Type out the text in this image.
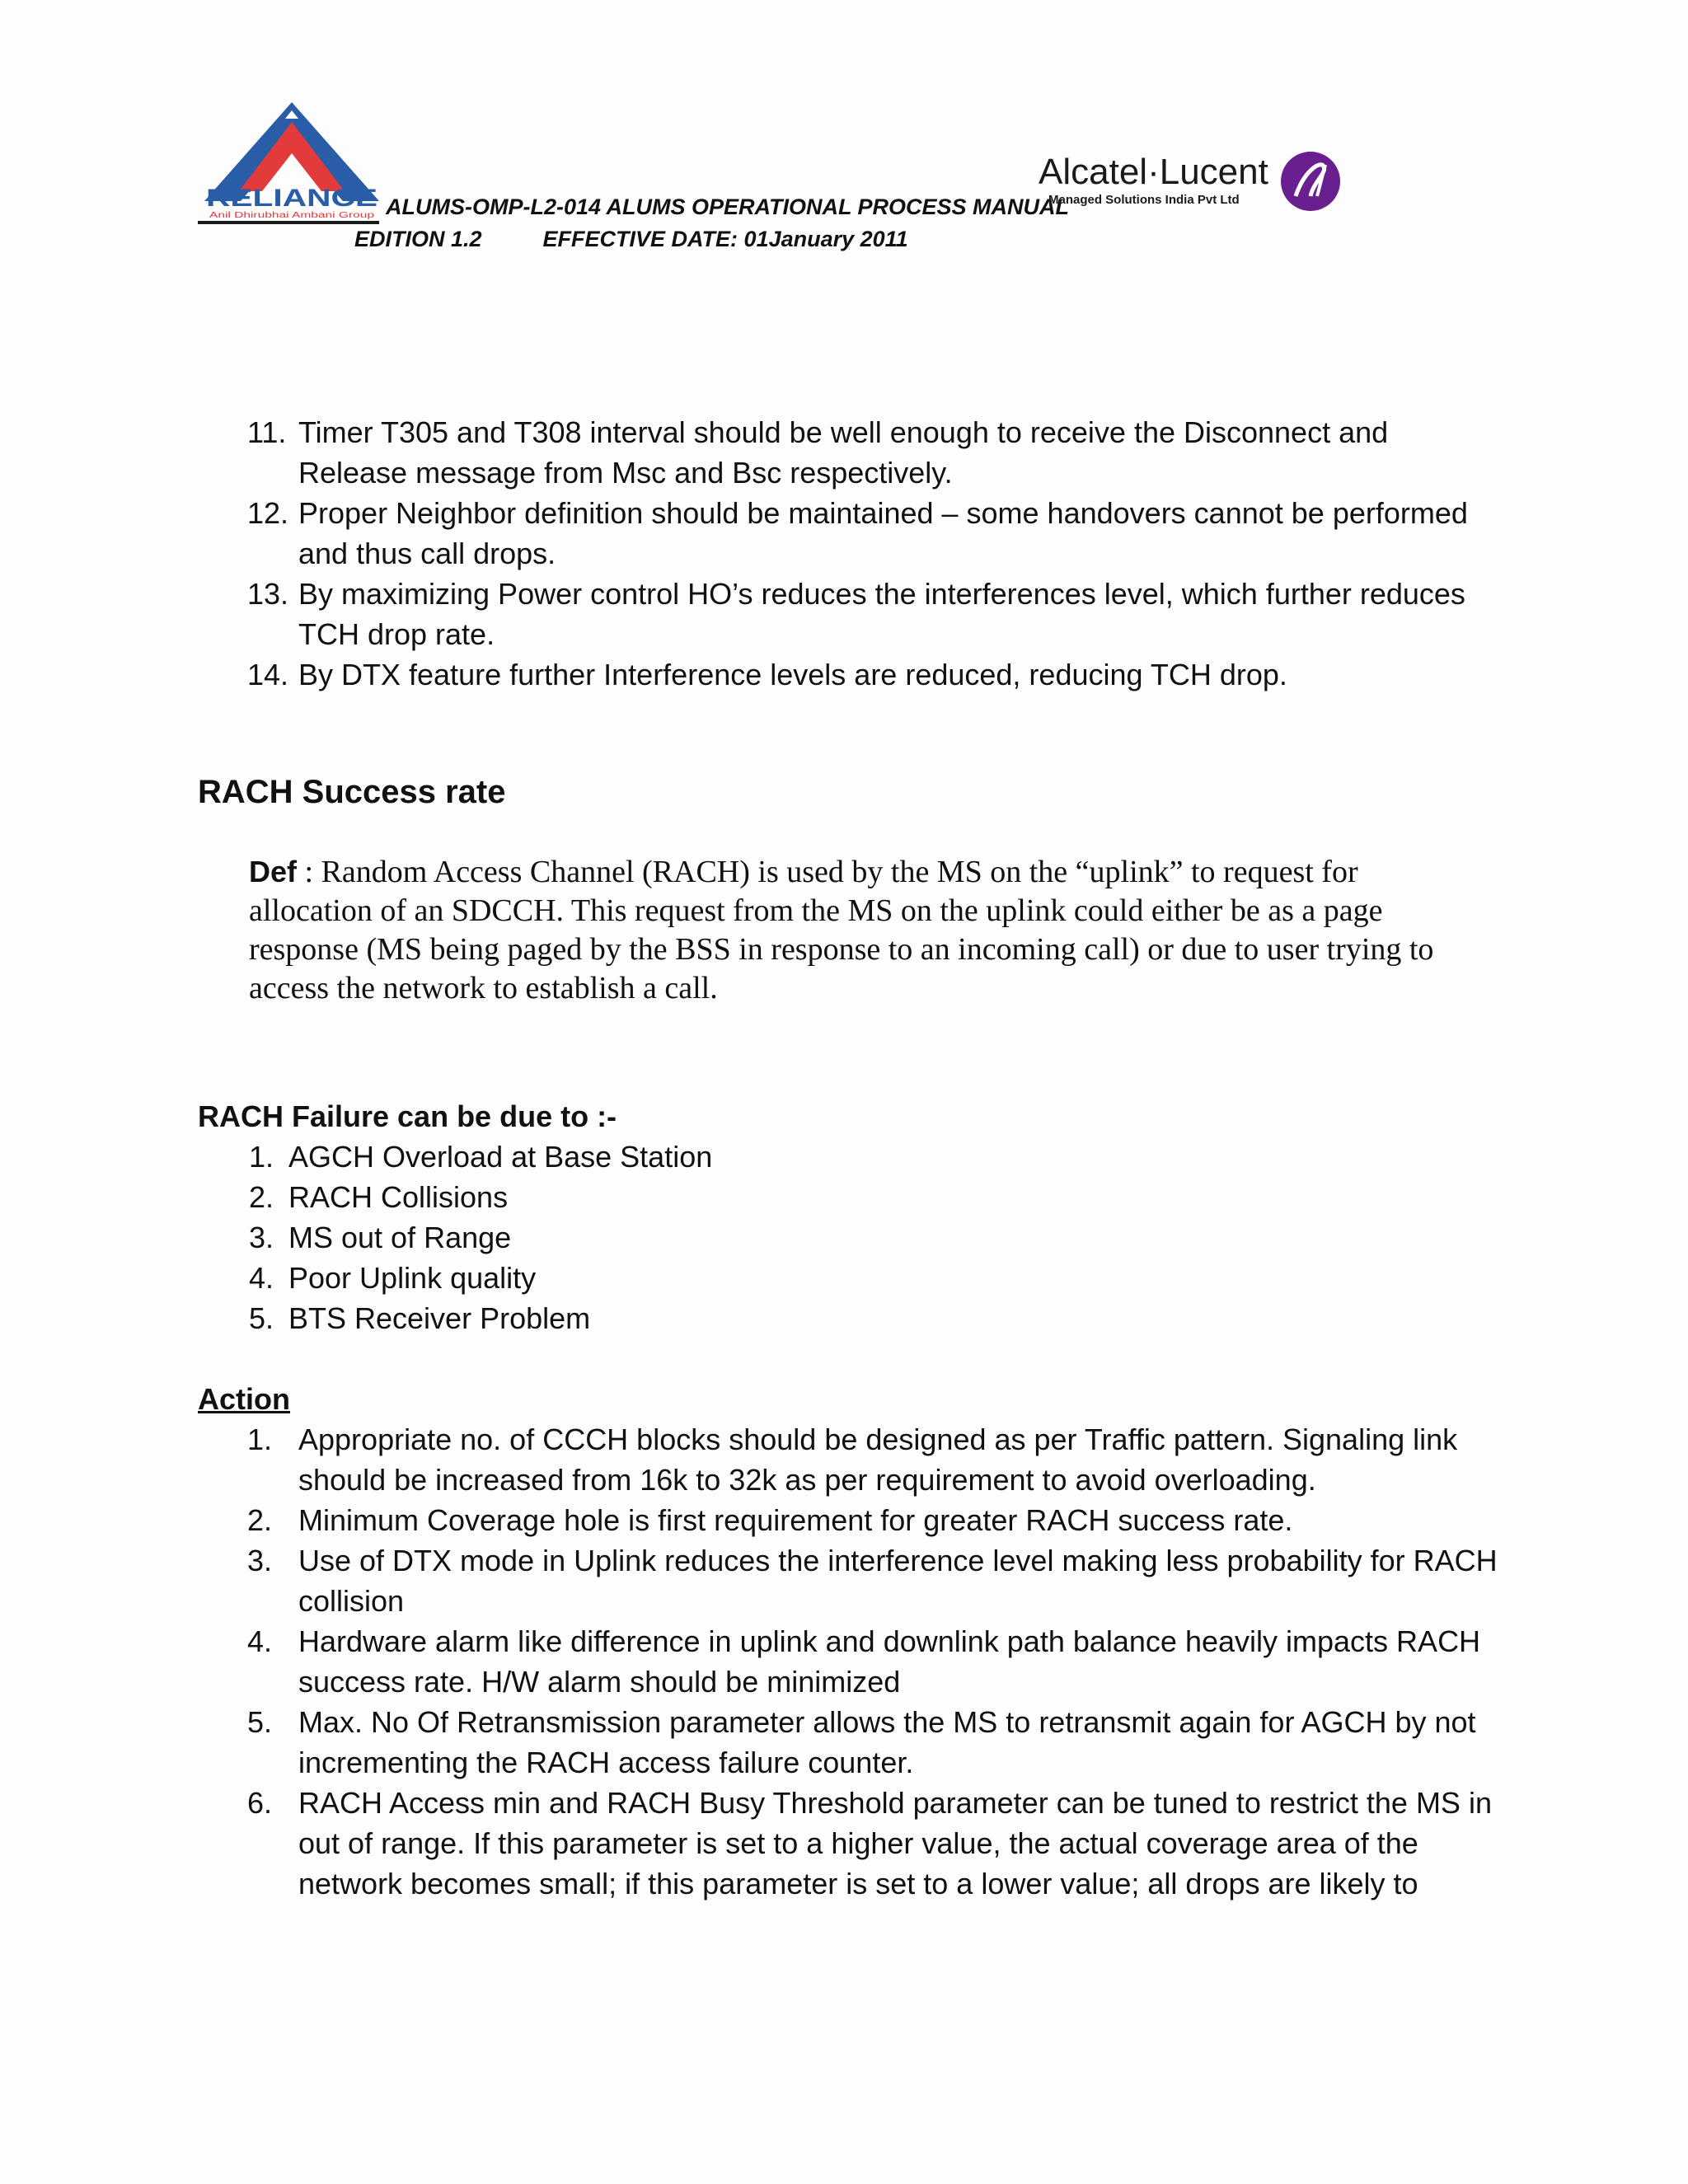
RELIANCE
Anil Dhirubhai Ambani Group ALUMS-OMP-L2-014 ALUMS OPERATIONAL PROCESS MANUAL
EDITION 1.2	EFFECTIVE DATE: 01January 2011
Alcatel·Lucent
Managed Solutions India Pvt Ltd
11. Timer T305 and T308 interval should be well enough to receive the Disconnect and Release message from Msc and Bsc respectively.
12. Proper Neighbor definition should be maintained – some handovers cannot be performed and thus call drops.
13. By maximizing Power control HO’s reduces the interferences level, which further reduces TCH drop rate.
14. By DTX feature further Interference levels are reduced, reducing TCH drop.
RACH Success rate
Def : Random Access Channel (RACH) is used by the MS on the “uplink” to request for allocation of an SDCCH. This request from the MS on the uplink could either be as a page response (MS being paged by the BSS in response to an incoming call) or due to user trying to access the network to establish a call.
RACH Failure can be due to :-
1. AGCH Overload at Base Station
2. RACH Collisions
3. MS out of Range
4. Poor Uplink quality
5. BTS Receiver Problem
Action
1. Appropriate no. of CCCH blocks should be designed as per Traffic pattern. Signaling link should be increased from 16k to 32k as per requirement to avoid overloading.
2. Minimum Coverage hole is first requirement for greater RACH success rate.
3. Use of DTX mode in Uplink reduces the interference level making less probability for RACH collision
4. Hardware alarm like difference in uplink and downlink path balance heavily impacts RACH success rate. H/W alarm should be minimized
5. Max. No Of Retransmission parameter allows the MS to retransmit again for AGCH by not incrementing the RACH access failure counter.
6. RACH Access min and RACH Busy Threshold parameter can be tuned to restrict the MS in out of range. If this parameter is set to a higher value, the actual coverage area of the network becomes small; if this parameter is set to a lower value; all drops are likely to
